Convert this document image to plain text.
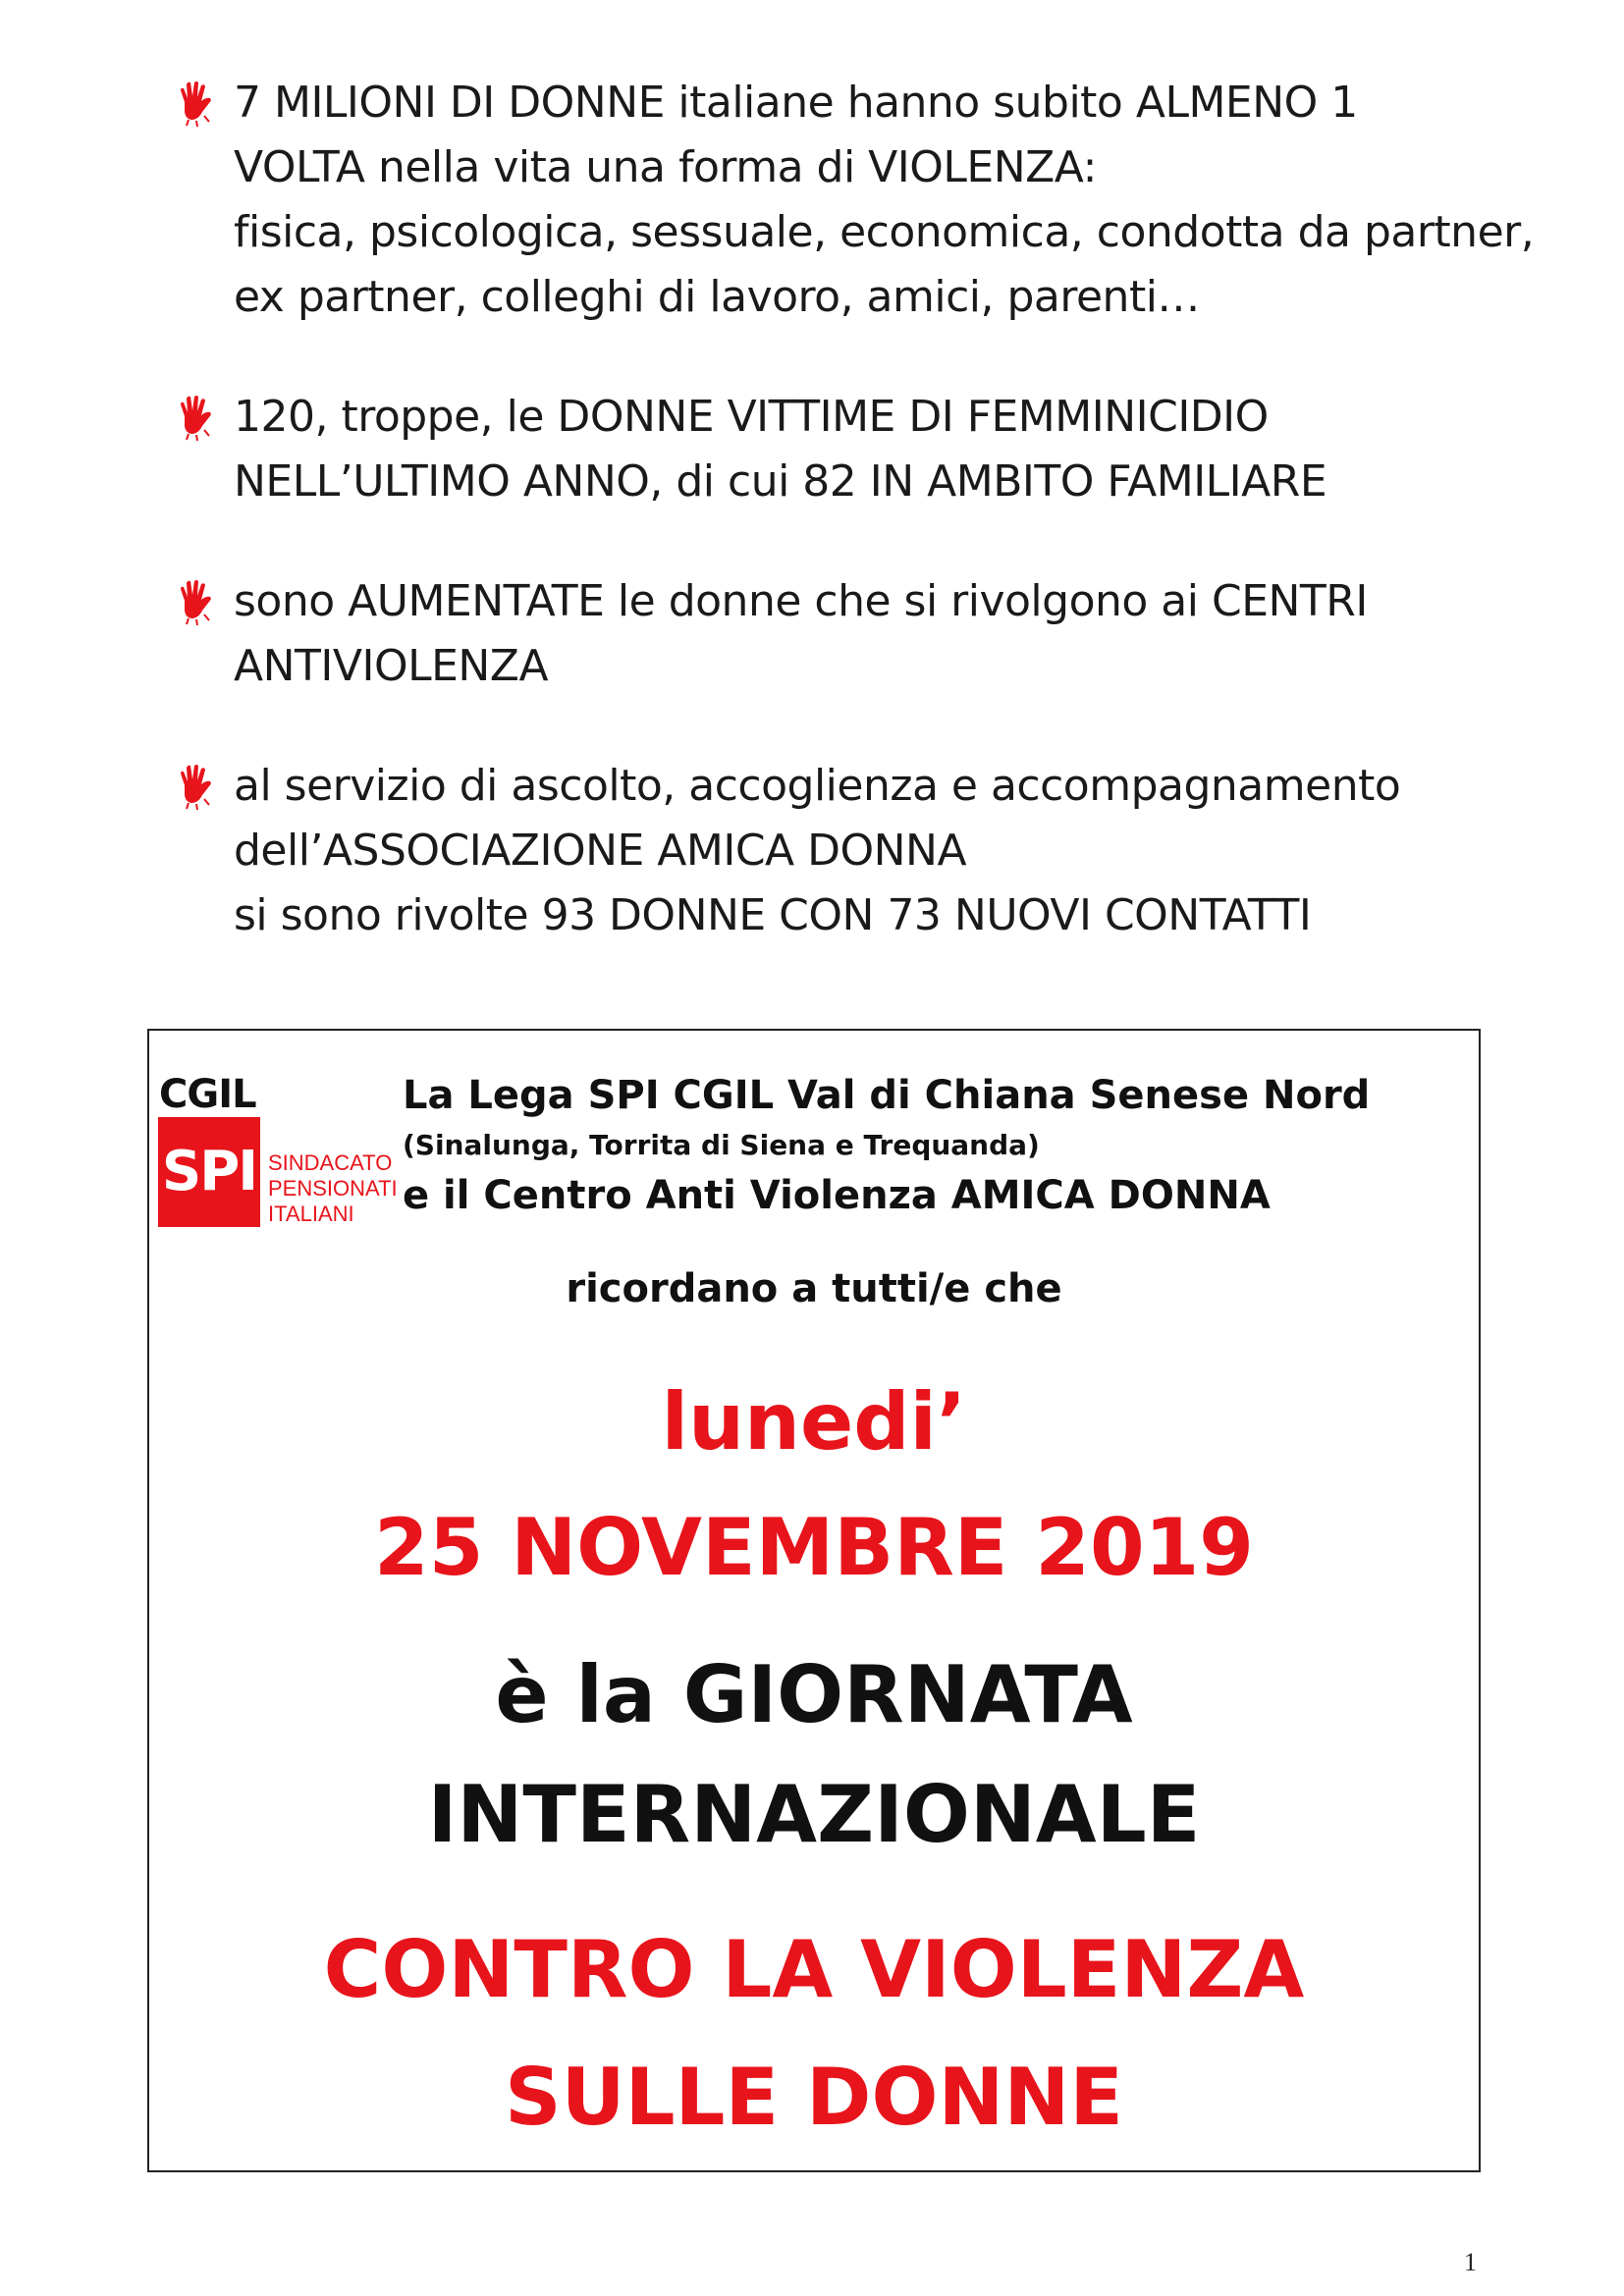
7 MILIONI DI DONNE italiane hanno subito ALMENO 1
VOLTA nella vita una forma di VIOLENZA:
fisica, psicologica, sessuale, economica, condotta da partner,
ex partner, colleghi di lavoro, amici, parenti…
120, troppe, le DONNE VITTIME DI FEMMINICIDIO
NELL’ULTIMO ANNO, di cui 82 IN AMBITO FAMILIARE
sono AUMENTATE le donne che si rivolgono ai CENTRI
ANTIVIOLENZA
al servizio di ascolto, accoglienza e accompagnamento
dell’ASSOCIAZIONE AMICA DONNA
si sono rivolte 93 DONNE CON 73 NUOVI CONTATTI
CGIL
SPI SINDACATO
PENSIONATI
ITALIANI
La Lega SPI CGIL Val di Chiana Senese Nord
(Sinalunga, Torrita di Siena e Trequanda)
e il Centro Anti Violenza AMICA DONNA
ricordano a tutti/e che
lunedi’
25 NOVEMBRE 2019
è la GIORNATA
INTERNAZIONALE
CONTRO LA VIOLENZA
SULLE DONNE
1
